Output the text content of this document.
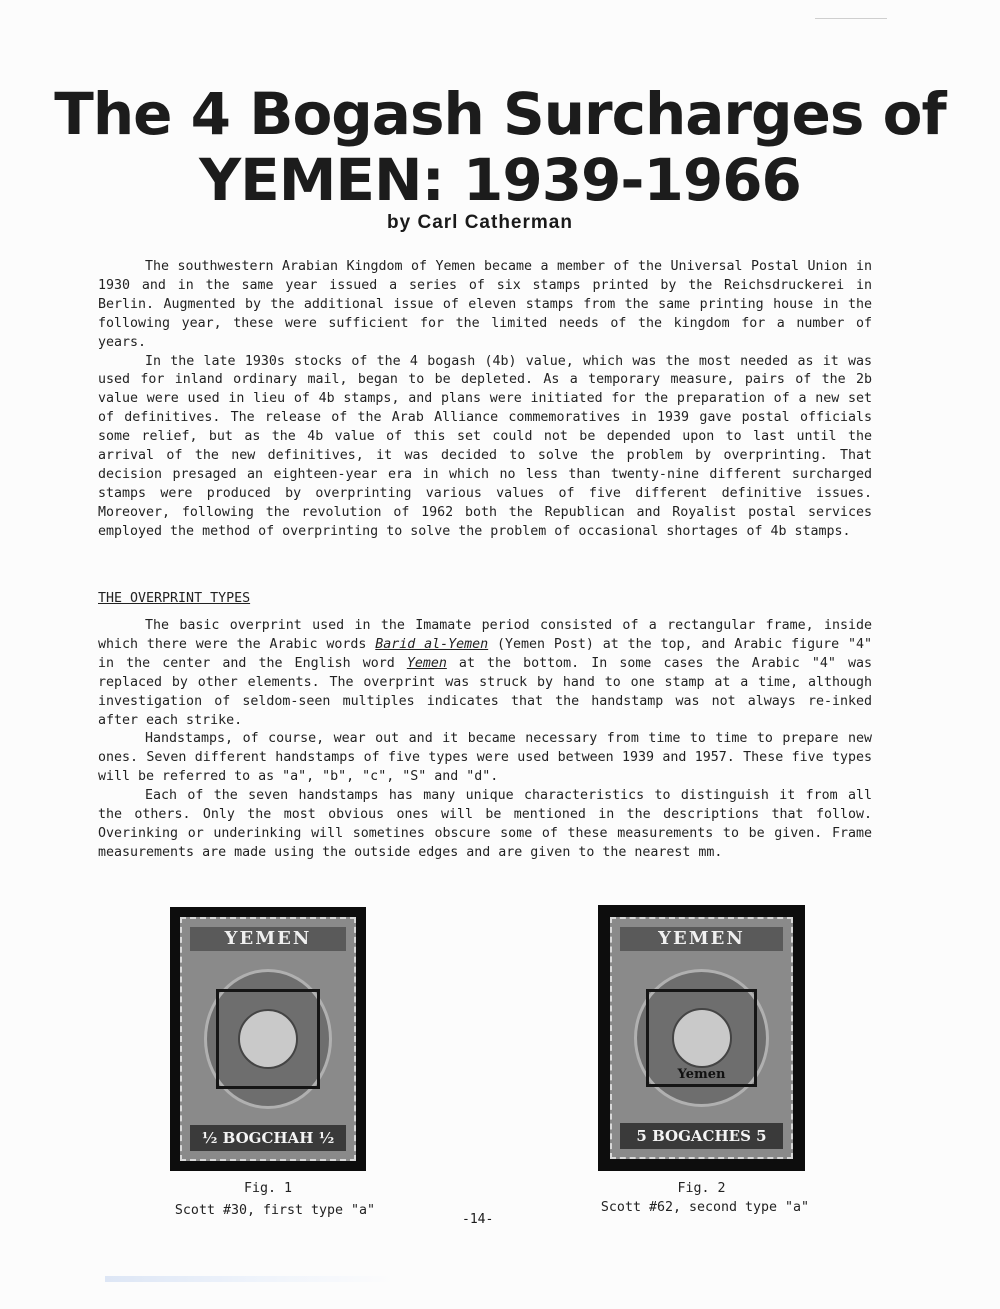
The 4 Bogash Surcharges of
YEMEN: 1939-1966
by Carl Catherman

The southwestern Arabian Kingdom of Yemen became a member of the Universal Postal Union in 1930 and in the same year issued a series of six stamps printed by the Reichsdruckerei in Berlin. Augmented by the additional issue of eleven stamps from the same printing house in the following year, these were sufficient for the limited needs of the kingdom for a number of years.

In the late 1930s stocks of the 4 bogash (4b) value, which was the most needed as it was used for inland ordinary mail, began to be depleted. As a temporary measure, pairs of the 2b value were used in lieu of 4b stamps, and plans were initiated for the preparation of a new set of definitives. The release of the Arab Alliance commemoratives in 1939 gave postal officials some relief, but as the 4b value of this set could not be depended upon to last until the arrival of the new definitives, it was decided to solve the problem by overprinting. That decision presaged an eighteen-year era in which no less than twenty-nine different surcharged stamps were produced by overprinting various values of five different definitive issues. Moreover, following the revolution of 1962 both the Republican and Royalist postal services employed the method of overprinting to solve the problem of occasional shortages of 4b stamps.

THE OVERPRINT TYPES

The basic overprint used in the Imamate period consisted of a rectangular frame, inside which there were the Arabic words Barid al-Yemen (Yemen Post) at the top, and Arabic figure "4" in the center and the English word Yemen at the bottom. In some cases the Arabic "4" was replaced by other elements. The overprint was struck by hand to one stamp at a time, although investigation of seldom-seen multiples indicates that the handstamp was not always re-inked after each strike.

Handstamps, of course, wear out and it became necessary from time to time to prepare new ones. Seven different handstamps of five types were used between 1939 and 1957. These five types will be referred to as "a", "b", "c", "S" and "d".

Each of the seven handstamps has many unique characteristics to distinguish it from all the others. Only the most obvious ones will be mentioned in the descriptions that follow. Overinking or underinking will sometines obscure some of these measurements to be given. Frame measurements are made using the outside edges and are given to the nearest mm.

YEMEN
½ BOGCHAH ½
YEMEN
Yemen
5 BOGACHES 5
Fig. 1
Scott #30, first type "a"
Fig. 2
Scott #62, second type "a"
-14-
